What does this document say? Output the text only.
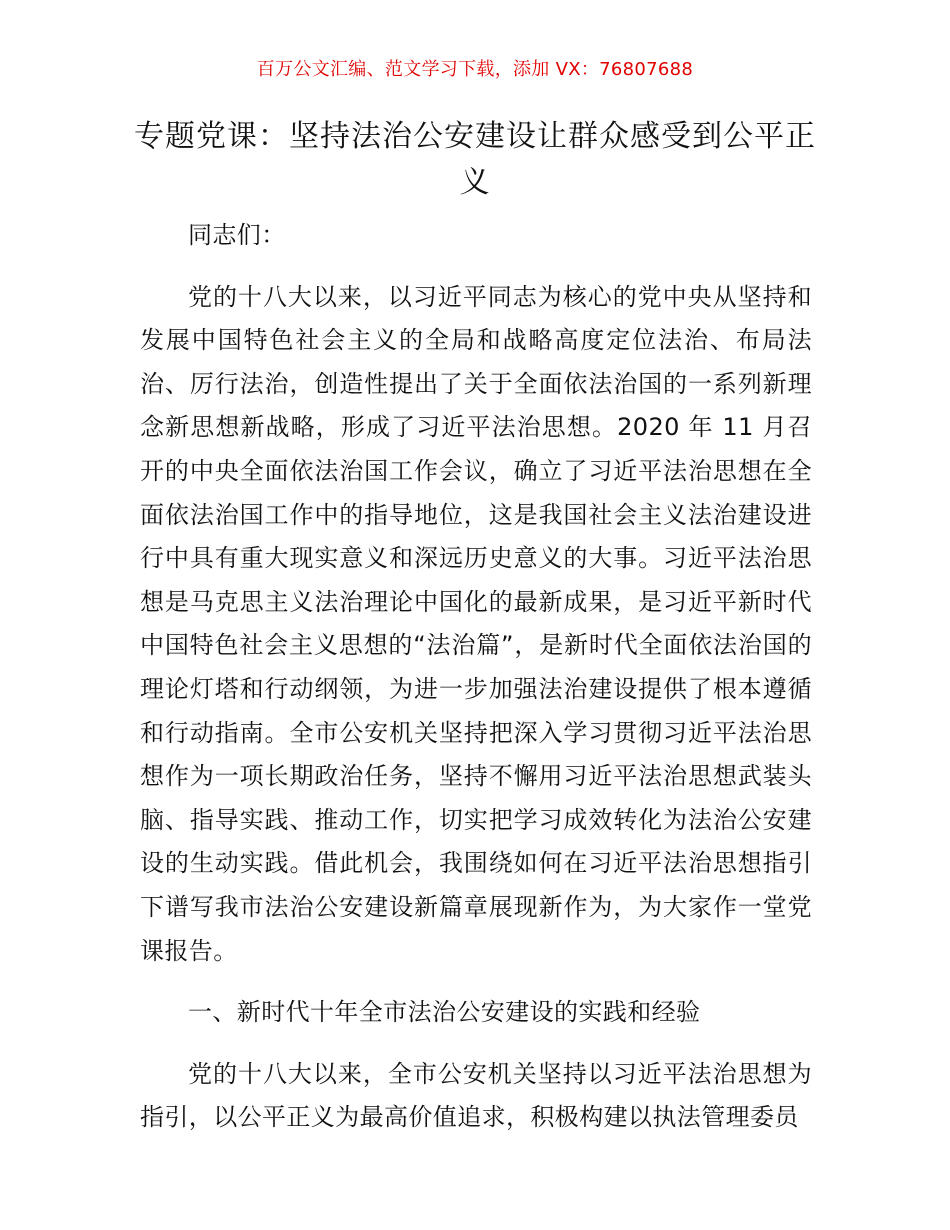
百万公文汇编、范文学习下载，添加 VX：76807688
专题党课：坚持法治公安建设让群众感受到公平正义

同志们：

党的十八大以来，以习近平同志为核心的党中央从坚持和发展中国特色社会主义的全局和战略高度定位法治、布局法治、厉行法治，创造性提出了关于全面依法治国的一系列新理念新思想新战略，形成了习近平法治思想。2020 年 11 月召开的中央全面依法治国工作会议，确立了习近平法治思想在全面依法治国工作中的指导地位，这是我国社会主义法治建设进行中具有重大现实意义和深远历史意义的大事。习近平法治思想是马克思主义法治理论中国化的最新成果，是习近平新时代中国特色社会主义思想的“法治篇”，是新时代全面依法治国的理论灯塔和行动纲领，为进一步加强法治建设提供了根本遵循和行动指南。全市公安机关坚持把深入学习贯彻习近平法治思想作为一项长期政治任务，坚持不懈用习近平法治思想武装头脑、指导实践、推动工作，切实把学习成效转化为法治公安建设的生动实践。借此机会，我围绕如何在习近平法治思想指引下谱写我市法治公安建设新篇章展现新作为，为大家作一堂党课报告。

一、新时代十年全市法治公安建设的实践和经验

党的十八大以来，全市公安机关坚持以习近平法治思想为指引，以公平正义为最高价值追求，积极构建以执法管理委员
